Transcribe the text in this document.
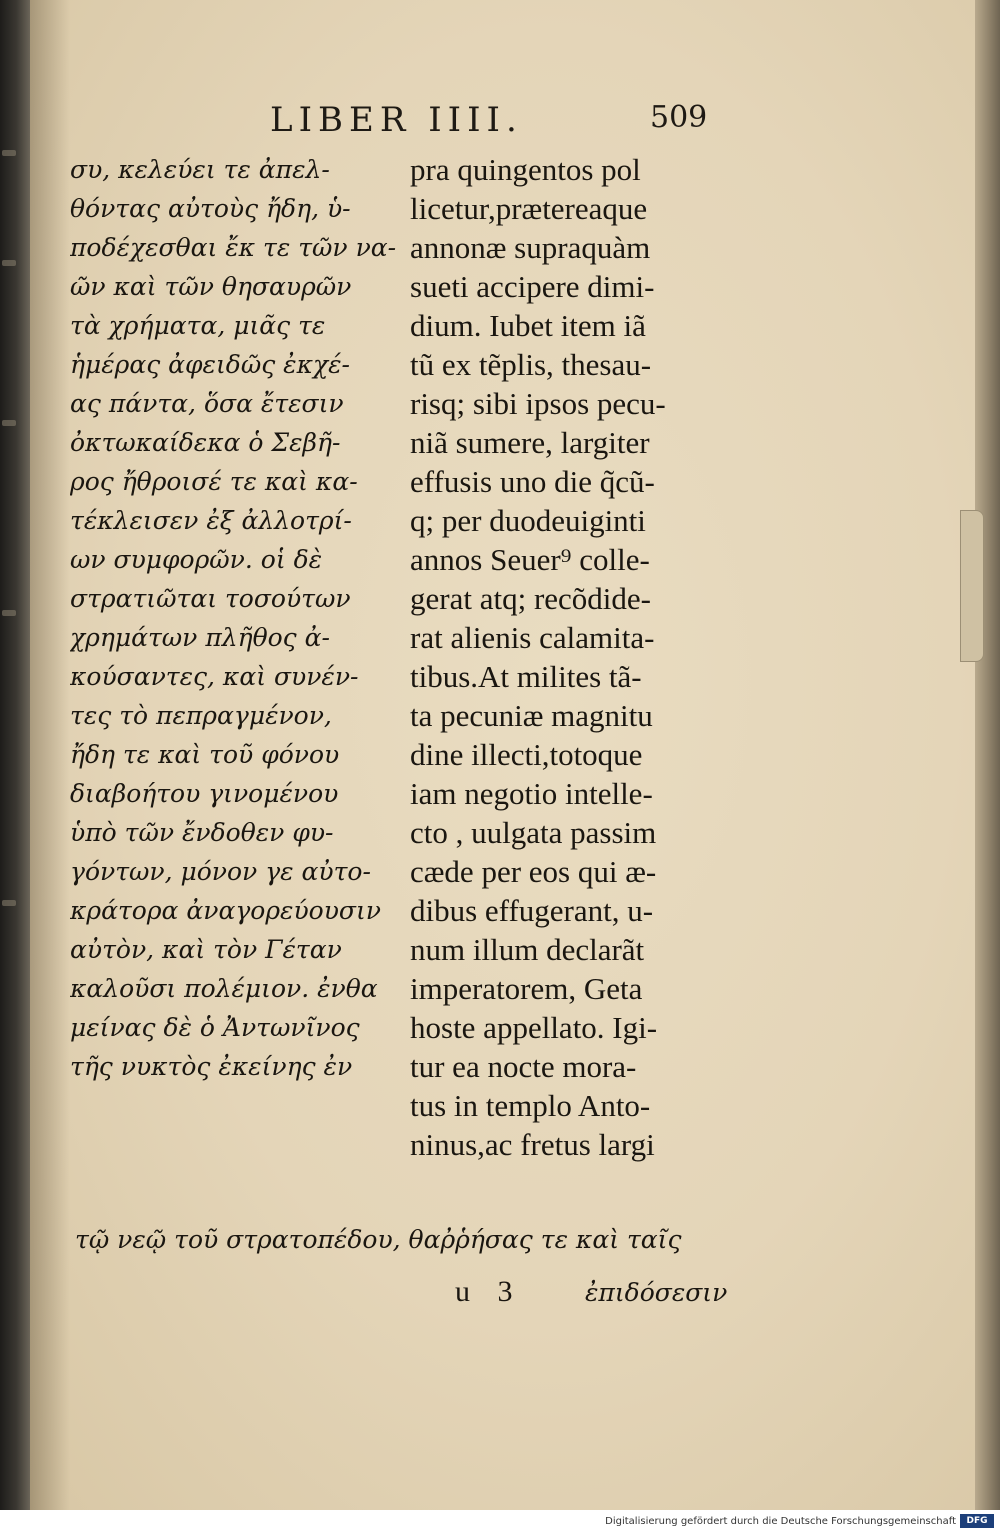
LIBER IIII.	509
συ, κελεύει τε ἀπελ-
θόντας αὐτοὺς ἤδη, ὑ-
ποδέχεσθαι ἔκ τε τῶν να-
ῶν καὶ τῶν θησαυρῶν
τὰ χρήματα, μιᾶς τε
ἡμέρας ἀφειδῶς ἐκχέ-
ας πάντα, ὅσα ἔτεσιν
ὀκτωκαίδεκα ὁ Σεβῆ-
ρος ἤθροισέ τε καὶ κα-
τέκλεισεν ἐξ ἀλλοτρί-
ων συμφορῶν. οἱ δὲ
στρατιῶται τοσούτων
χρημάτων πλῆθος ἀ-
κούσαντες, καὶ συνέν-
τες τὸ πεπραγμένον,
ἤδη τε καὶ τοῦ φόνου
διαβοήτου γινομένου
ὑπὸ τῶν ἔνδοθεν φυ-
γόντων, μόνον γε αὐτο-
κράτορα ἀναγορεύουσιν
αὐτὸν, καὶ τὸν Γέταν
καλοῦσι πολέμιον. ἐνθα
μείνας δὲ ὁ Ἀντωνῖνος
τῆς νυκτὸς ἐκείνης ἐν
pra quingentos pol
licetur,prætereaque
annonæ supraquàm
sueti accipere dimi-
dium. Iubet item iã
tũ ex tẽplis, thesau-
risq; sibi ipsos pecu-
niã sumere, largiter
effusis uno die q̃cũ-
q; per duodeuiginti
annos Seuer⁹ colle-
gerat atq; recõdide-
rat alienis calamita-
tibus.At milites tã-
ta pecuniæ magnitu
dine illecti,totoque
iam negotio intelle-
cto , uulgata passim
cæde per eos qui æ-
dibus effugerant, u-
num illum declarãt
imperatorem, Geta
hoste appellato. Igi-
tur ea nocte mora-
tus in templo Anto-
ninus,ac fretus largi
τῷ νεῷ τοῦ στρατοπέδου, θαῤῥήσας τε καὶ ταῖς
u 3	ἐπιδόσεσιν
Digitalisierung gefördert durch die Deutsche Forschungsgemeinschaft	DFG
